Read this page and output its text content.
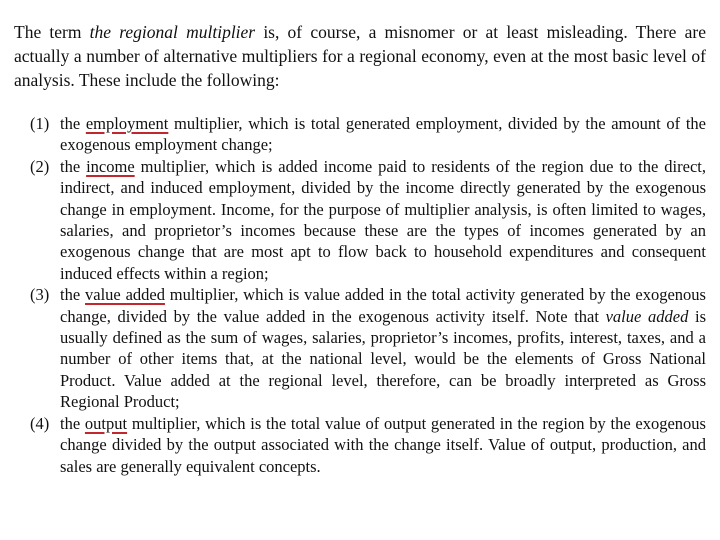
The term the regional multiplier is, of course, a misnomer or at least misleading. There are actually a number of alternative multipliers for a regional economy, even at the most basic level of analysis. These include the following:

(1) the employment multiplier, which is total generated employment, divided by the amount of the exogenous employment change;
(2) the income multiplier, which is added income paid to residents of the region due to the direct, indirect, and induced employment, divided by the income directly generated by the exogenous change in employment. Income, for the purpose of multiplier analysis, is often limited to wages, salaries, and proprietor’s incomes because these are the types of incomes generated by an exogenous change that are most apt to flow back to household expenditures and consequent induced effects within a region;
(3) the value added multiplier, which is value added in the total activity generated by the exogenous change, divided by the value added in the exogenous activity itself. Note that value added is usually defined as the sum of wages, salaries, proprietor’s incomes, profits, interest, taxes, and a number of other items that, at the national level, would be the elements of Gross National Product. Value added at the regional level, therefore, can be broadly interpreted as Gross Regional Product;
(4) the output multiplier, which is the total value of output generated in the region by the exogenous change divided by the output associated with the change itself. Value of output, production, and sales are generally equivalent concepts.
